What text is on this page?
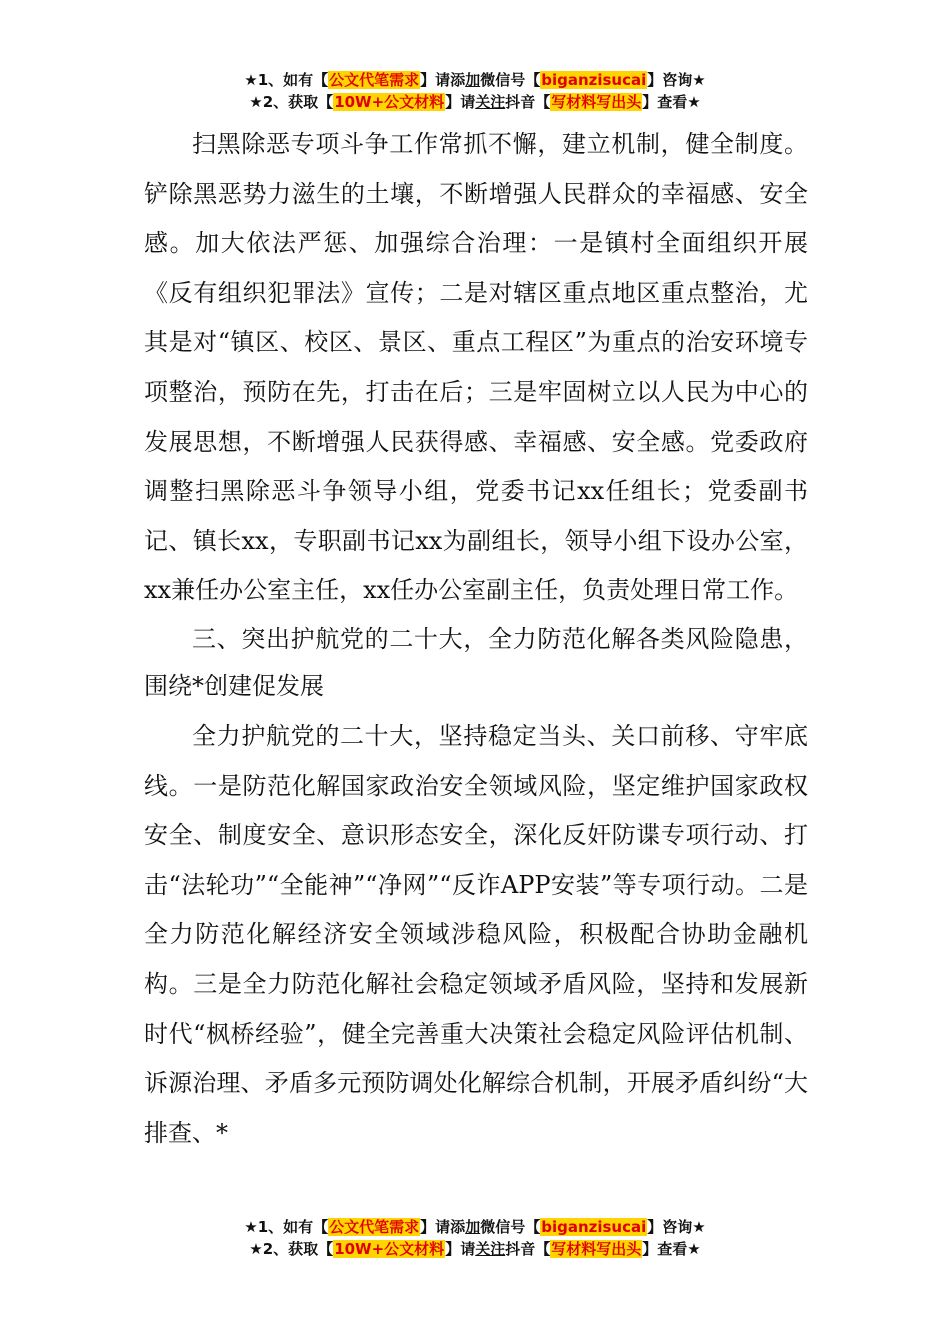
★1、如有【公文代笔需求】请添加微信号【biganzisucai】咨询★
★2、获取【10W+公文材料】请关注抖音【写材料写出头】查看★

扫黑除恶专项斗争工作常抓不懈，建立机制，健全制度。铲除黑恶势力滋生的土壤，不断增强人民群众的幸福感、安全感。加大依法严惩、加强综合治理：一是镇村全面组织开展《反有组织犯罪法》宣传；二是对辖区重点地区重点整治，尤其是对“镇区、校区、景区、重点工程区”为重点的治安环境专项整治，预防在先，打击在后；三是牢固树立以人民为中心的发展思想，不断增强人民获得感、幸福感、安全感。党委政府调整扫黑除恶斗争领导小组，党委书记xx任组长；党委副书记、镇长xx，专职副书记xx为副组长，领导小组下设办公室，xx兼任办公室主任，xx任办公室副主任，负责处理日常工作。

三、突出护航党的二十大，全力防范化解各类风险隐患，围绕*创建促发展

全力护航党的二十大，坚持稳定当头、关口前移、守牢底线。一是防范化解国家政治安全领域风险，坚定维护国家政权安全、制度安全、意识形态安全，深化反奸防谍专项行动、打击“法轮功”“全能神”“净网”“反诈APP安装”等专项行动。二是全力防范化解经济安全领域涉稳风险，积极配合协助金融机构。三是全力防范化解社会稳定领域矛盾风险，坚持和发展新时代“枫桥经验”，健全完善重大决策社会稳定风险评估机制、诉源治理、矛盾多元预防调处化解综合机制，开展矛盾纠纷“大排查、*

★1、如有【公文代笔需求】请添加微信号【biganzisucai】咨询★
★2、获取【10W+公文材料】请关注抖音【写材料写出头】查看★
